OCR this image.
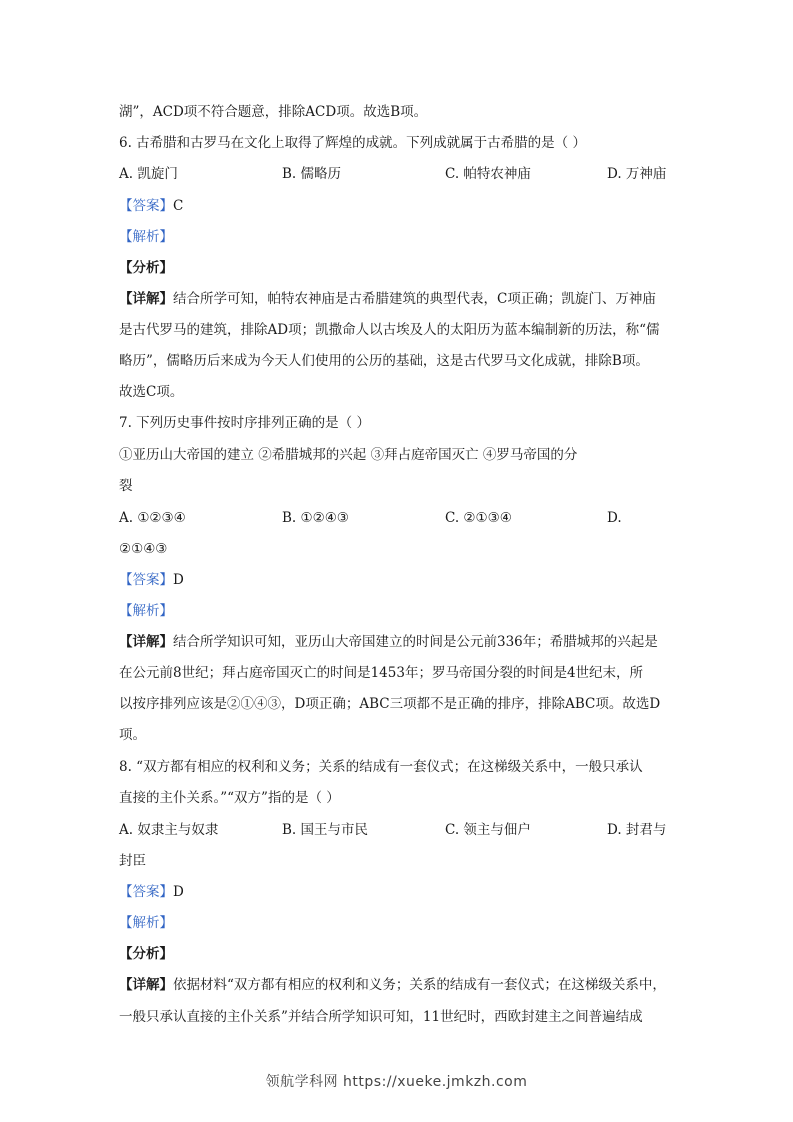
湖”，ACD项不符合题意，排除ACD项。故选B项。
6. 古希腊和古罗马在文化上取得了辉煌的成就。下列成就属于古希腊的是（ ）
A. 凯旋门	B. 儒略历	C. 帕特农神庙	D. 万神庙
【答案】C
【解析】
【分析】
【详解】结合所学可知，帕特农神庙是古希腊建筑的典型代表，C项正确；凯旋门、万神庙
是古代罗马的建筑，排除AD项；凯撒命人以古埃及人的太阳历为蓝本编制新的历法，称“儒
略历”，儒略历后来成为今天人们使用的公历的基础，这是古代罗马文化成就，排除B项。
故选C项。
7. 下列历史事件按时序排列正确的是（ ）
①亚历山大帝国的建立 ②希腊城邦的兴起 ③拜占庭帝国灭亡 ④罗马帝国的分
裂
A. ①②③④	B. ①②④③	C. ②①③④	D.
②①④③
【答案】D
【解析】
【详解】结合所学知识可知，亚历山大帝国建立的时间是公元前336年；希腊城邦的兴起是
在公元前8世纪；拜占庭帝国灭亡的时间是1453年；罗马帝国分裂的时间是4世纪末，所
以按序排列应该是②①④③，D项正确；ABC三项都不是正确的排序，排除ABC项。故选D
项。
8. “双方都有相应的权利和义务；关系的结成有一套仪式；在这梯级关系中，一般只承认
直接的主仆关系。”“双方”指的是（ ）
A. 奴隶主与奴隶	B. 国王与市民	C. 领主与佃户	D. 封君与
封臣
【答案】D
【解析】
【分析】
【详解】依据材料“双方都有相应的权利和义务；关系的结成有一套仪式；在这梯级关系中，
一般只承认直接的主仆关系”并结合所学知识可知，11世纪时，西欧封建主之间普遍结成
领航学科网 https://xueke.jmkzh.com
